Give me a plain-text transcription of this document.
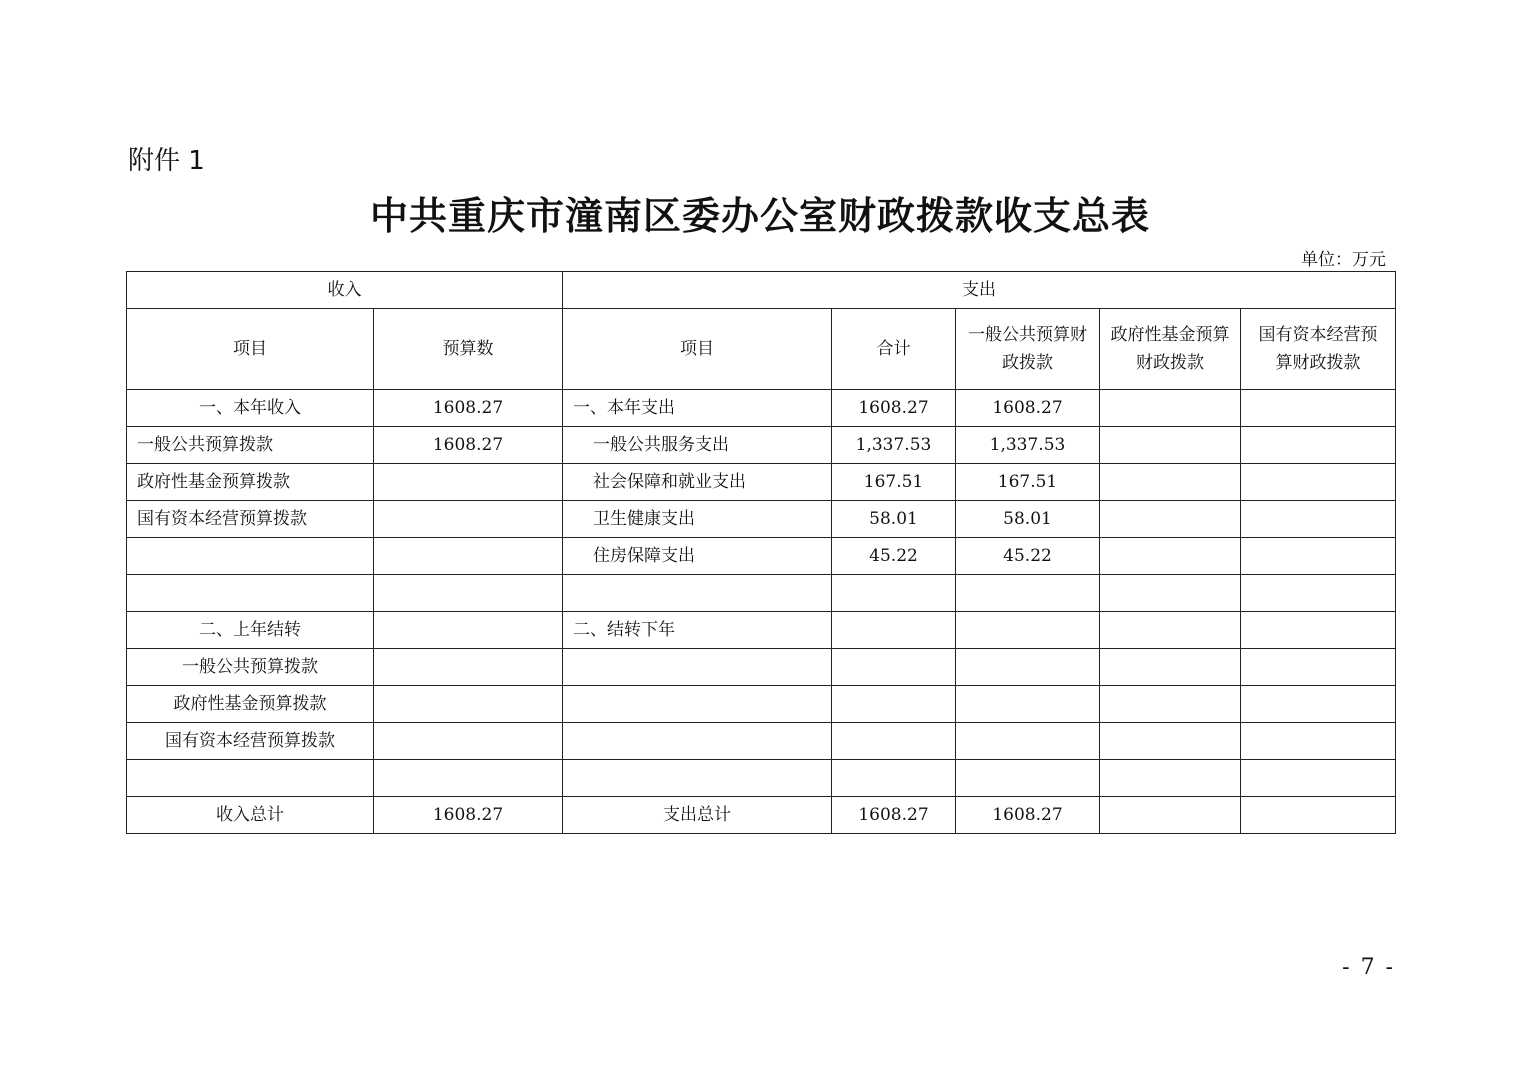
附件 1
中共重庆市潼南区委办公室财政拨款收支总表
单位：万元
收入		支出				
项目	预算数	项目	合计	一般公共预算财政拨款	政府性基金预算财政拨款	国有资本经营预算财政拨款
一、本年收入	1608.27	一、本年支出	1608.27	1608.27		
一般公共预算拨款	1608.27	一般公共服务支出	1,337.53	1,337.53		
政府性基金预算拨款		社会保障和就业支出	167.51	167.51		
国有资本经营预算拨款		卫生健康支出	58.01	58.01		
		住房保障支出	45.22	45.22		

二、上年结转		二、结转下年				
一般公共预算拨款						
政府性基金预算拨款						
国有资本经营预算拨款						

收入总计	1608.27	支出总计	1608.27	1608.27		
- 7 -
